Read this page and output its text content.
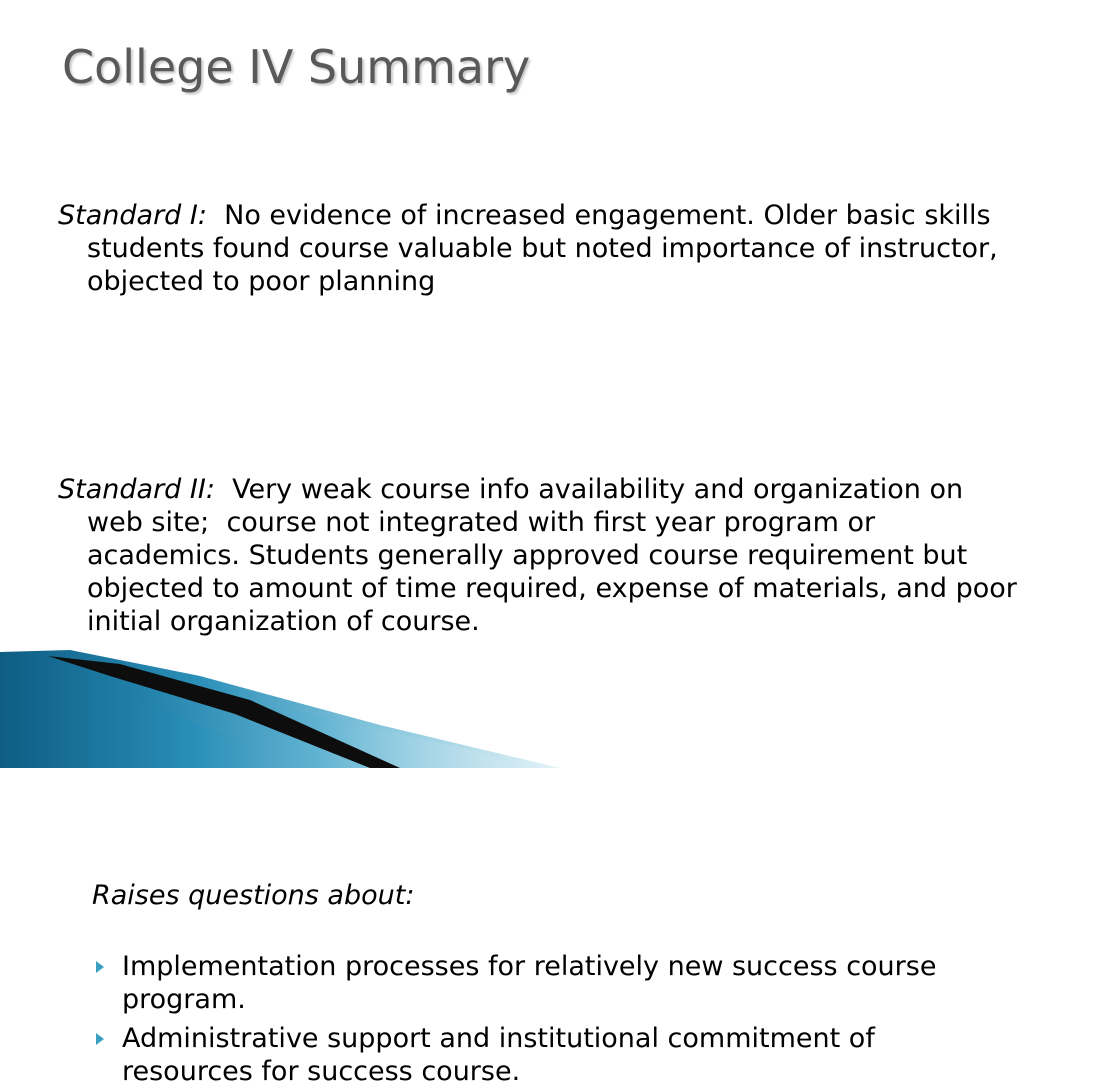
College IV Summary

Standard I:  No evidence of increased engagement. Older basic skills students found course valuable but noted importance of instructor, objected to poor planning

Standard II:  Very weak course info availability and organization on web site;  course not integrated with first year program or academics. Students generally approved course requirement but objected to amount of time required, expense of materials, and poor initial organization of course.

Raises questions about:

Implementation processes for relatively new success course program.
Administrative support and institutional commitment of resources for success course.
